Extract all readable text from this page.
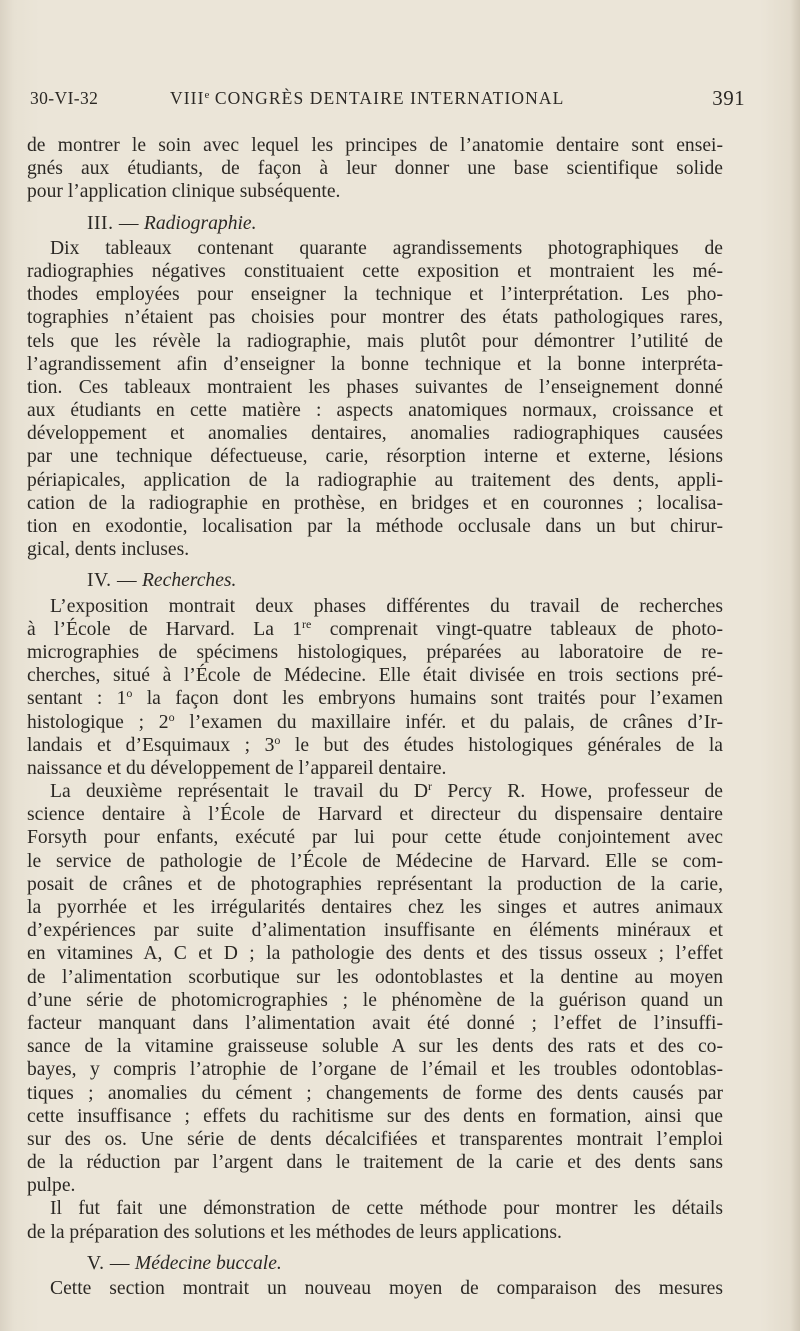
30-VI-32	VIIIe CONGRÈS DENTAIRE INTERNATIONAL	391
de montrer le soin avec lequel les principes de l’anatomie dentaire sont ensei-
gnés aux étudiants, de façon à leur donner une base scientifique solide
pour l’application clinique subséquente.
III. — Radiographie.
Dix tableaux contenant quarante agrandissements photographiques de
radiographies négatives constituaient cette exposition et montraient les mé-
thodes employées pour enseigner la technique et l’interprétation. Les pho-
tographies n’étaient pas choisies pour montrer des états pathologiques rares,
tels que les révèle la radiographie, mais plutôt pour démontrer l’utilité de
l’agrandissement afin d’enseigner la bonne technique et la bonne interpréta-
tion. Ces tableaux montraient les phases suivantes de l’enseignement donné
aux étudiants en cette matière : aspects anatomiques normaux, croissance et
développement et anomalies dentaires, anomalies radiographiques causées
par une technique défectueuse, carie, résorption interne et externe, lésions
périapicales, application de la radiographie au traitement des dents, appli-
cation de la radiographie en prothèse, en bridges et en couronnes ; localisa-
tion en exodontie, localisation par la méthode occlusale dans un but chirur-
gical, dents incluses.
IV. — Recherches.
L’exposition montrait deux phases différentes du travail de recherches
à l’École de Harvard. La 1re comprenait vingt-quatre tableaux de photo-
micrographies de spécimens histologiques, préparées au laboratoire de re-
cherches, situé à l’École de Médecine. Elle était divisée en trois sections pré-
sentant : 1$^o$ la façon dont les embryons humains sont traités pour l’examen
histologique ; 2$^o$ l’examen du maxillaire infér. et du palais, de crânes d’Ir-
landais et d’Esquimaux ; 3$^o$ le but des études histologiques générales de la
naissance et du développement de l’appareil dentaire.
La deuxième représentait le travail du $D^r$ Percy R. Howe, professeur de
science dentaire à l’École de Harvard et directeur du dispensaire dentaire
Forsyth pour enfants, exécuté par lui pour cette étude conjointement avec
le service de pathologie de l’École de Médecine de Harvard. Elle se com-
posait de crânes et de photographies représentant la production de la carie,
la pyorrhée et les irrégularités dentaires chez les singes et autres animaux
d’expériences par suite d’alimentation insuffisante en éléments minéraux et
en vitamines A, C et D ; la pathologie des dents et des tissus osseux ; l’effet
de l’alimentation scorbutique sur les odontoblastes et la dentine au moyen
d’une série de photomicrographies ; le phénomène de la guérison quand un
facteur manquant dans l’alimentation avait été donné ; l’effet de l’insuffi-
sance de la vitamine graisseuse soluble A sur les dents des rats et des co-
bayes, y compris l’atrophie de l’organe de l’émail et les troubles odontoblas-
tiques ; anomalies du cément ; changements de forme des dents causés par
cette insuffisance ; effets du rachitisme sur des dents en formation, ainsi que
sur des os. Une série de dents décalcifiées et transparentes montrait l’emploi
de la réduction par l’argent dans le traitement de la carie et des dents sans
pulpe.
Il fut fait une démonstration de cette méthode pour montrer les détails
de la préparation des solutions et les méthodes de leurs applications.
V. — Médecine buccale.
Cette section montrait un nouveau moyen de comparaison des mesures
